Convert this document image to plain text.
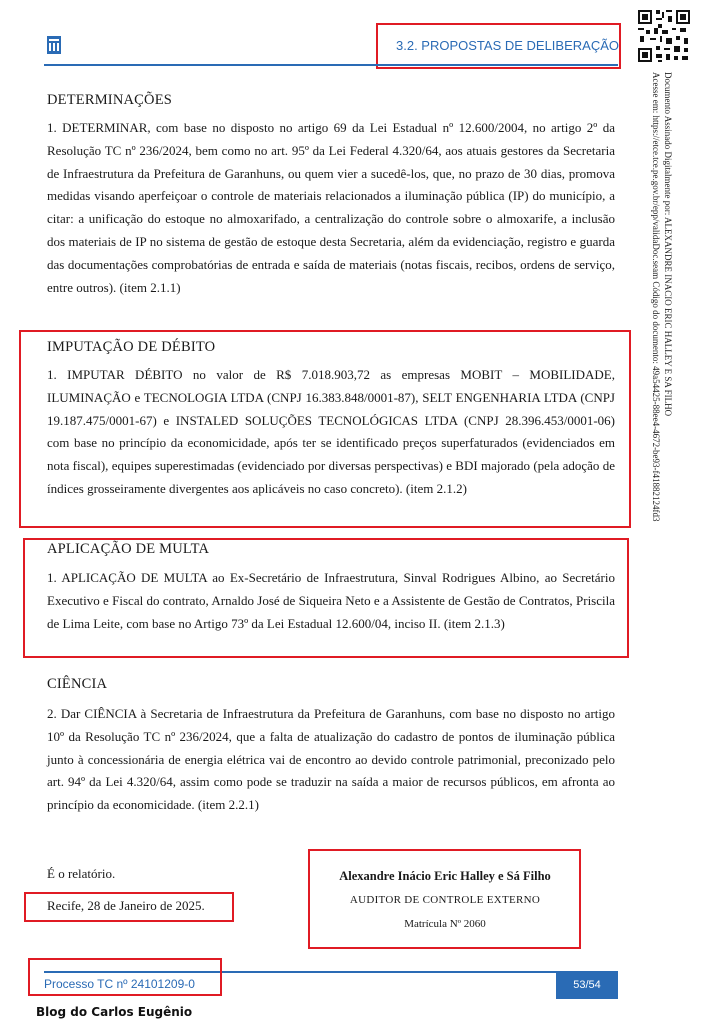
3.2. PROPOSTAS DE DELIBERAÇÃO
Documento Assinado Digitalmente por: ALEXANDRE INACIO ERIC HALLEY E SA FILHO
Acesse em: https://etce.tce.pe.gov.br/epp/validaDoc.seam Código do documento: 49a54425-88ee4-4672-be93-f41882124fd3
DETERMINAÇÕES
1. DETERMINAR, com base no disposto no artigo 69 da Lei Estadual nº 12.600/2004, no artigo 2º da Resolução TC nº 236/2024, bem como no art. 95º da Lei Federal 4.320/64, aos atuais gestores da Secretaria de Infraestrutura da Prefeitura de Garanhuns, ou quem vier a sucedê-los, que, no prazo de 30 dias, promova medidas visando aperfeiçoar o controle de materiais relacionados a iluminação pública (IP) do município, a citar: a unificação do estoque no almoxarifado, a centralização do controle sobre o almoxarife, a inclusão dos materiais de IP no sistema de gestão de estoque desta Secretaria, além da evidenciação, registro e guarda das documentações comprobatórias de entrada e saída de materiais (notas fiscais, recibos, ordens de serviço, entre outros). (item 2.1.1)
IMPUTAÇÃO DE DÉBITO
1. IMPUTAR DÉBITO no valor de R$ 7.018.903,72 as empresas MOBIT – MOBILIDADE, ILUMINAÇÃO e TECNOLOGIA LTDA (CNPJ 16.383.848/0001-87), SELT ENGENHARIA LTDA (CNPJ 19.187.475/0001-67) e INSTALED SOLUÇÕES TECNOLÓGICAS LTDA (CNPJ 28.396.453/0001-06) com base no princípio da economicidade, após ter se identificado preços superfaturados (evidenciados em nota fiscal), equipes superestimadas (evidenciado por diversas perspectivas) e BDI majorado (pela adoção de índices grosseiramente divergentes aos aplicáveis no caso concreto). (item 2.1.2)
APLICAÇÃO DE MULTA
1. APLICAÇÃO DE MULTA ao Ex-Secretário de Infraestrutura, Sinval Rodrigues Albino, ao Secretário Executivo e Fiscal do contrato, Arnaldo José de Siqueira Neto e a Assistente de Gestão de Contratos, Priscila de Lima Leite, com base no Artigo 73º da Lei Estadual 12.600/04, inciso II. (item 2.1.3)
CIÊNCIA
2. Dar CIÊNCIA à Secretaria de Infraestrutura da Prefeitura de Garanhuns, com base no disposto no artigo 10º da Resolução TC nº 236/2024, que a falta de atualização do cadastro de pontos de iluminação pública junto à concessionária de energia elétrica vai de encontro ao devido controle patrimonial, preconizado pelo art. 94º da Lei 4.320/64, assim como pode se traduzir na saída a maior de recursos públicos, em afronta ao princípio da economicidade. (item 2.2.1)
É o relatório.
Recife, 28 de Janeiro de 2025.
Alexandre Inácio Eric Halley e Sá Filho
AUDITOR DE CONTROLE EXTERNO
Matrícula Nº 2060
Processo TC nº 24101209-0	53/54
Blog do Carlos Eugênio
